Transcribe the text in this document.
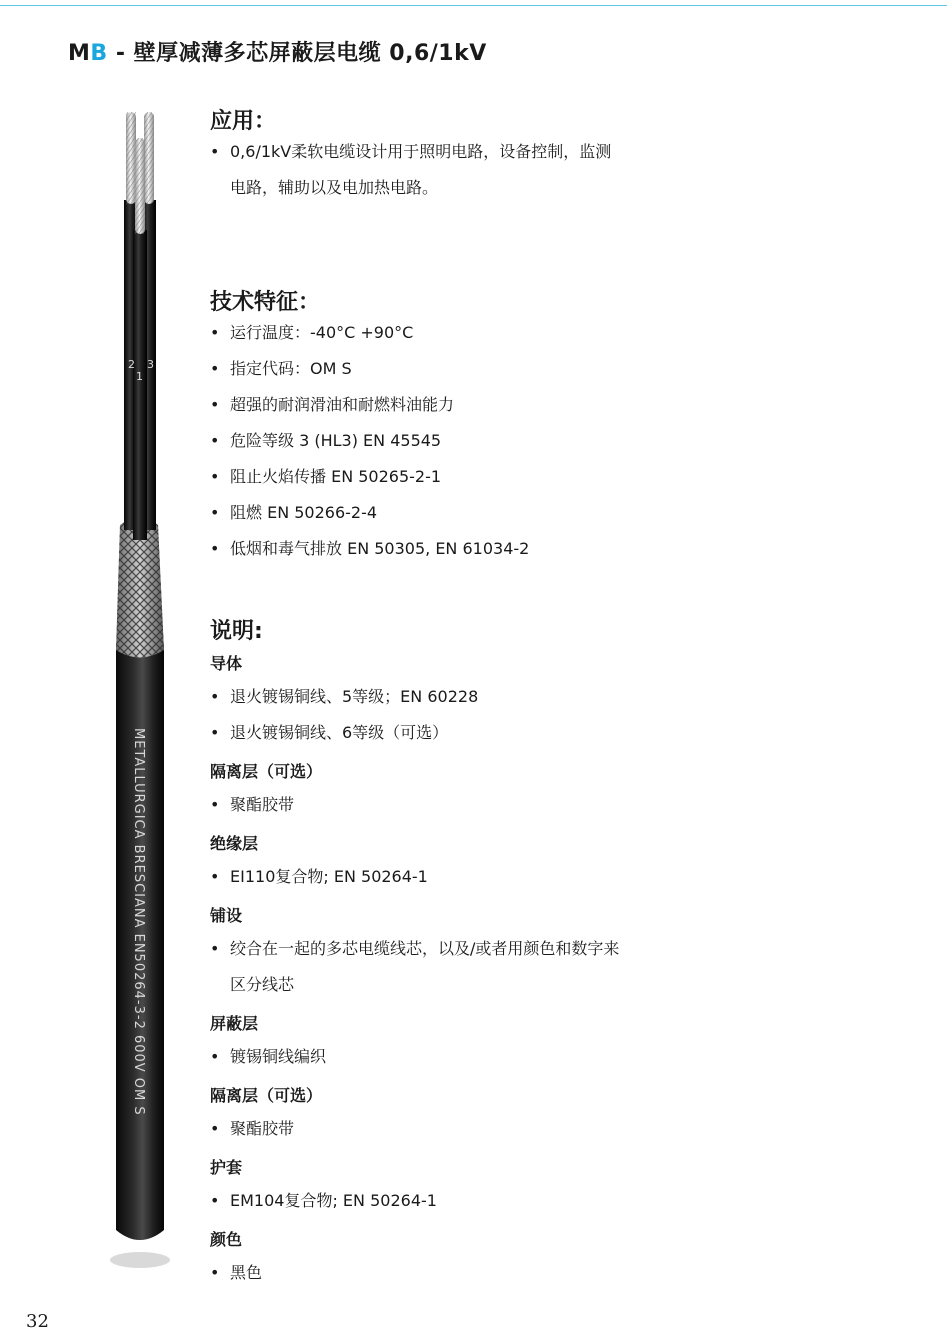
MB - 壁厚减薄多芯屏蔽层电缆 0,6/1kV
2
1
3
METALLURGICA BRESCIANA EN50264-3-2 600V OM S
应用：
• 0,6/1kV柔软电缆设计用于照明电路，设备控制，监测电路，辅助以及电加热电路。
技术特征：
• 运行温度：-40°C +90°C
• 指定代码：OM S
• 超强的耐润滑油和耐燃料油能力
• 危险等级 3 (HL3) EN 45545
• 阻止火焰传播 EN 50265-2-1
• 阻燃 EN 50266-2-4
• 低烟和毒气排放 EN 50305, EN 61034-2
说明:
导体
• 退火镀锡铜线、5等级；EN 60228
• 退火镀锡铜线、6等级（可选）
隔离层（可选）
• 聚酯胶带
绝缘层
• EI110复合物; EN 50264-1
铺设
• 绞合在一起的多芯电缆线芯，以及/或者用颜色和数字来区分线芯
屏蔽层
• 镀锡铜线编织
隔离层（可选）
• 聚酯胶带
护套
• EM104复合物; EN 50264-1
颜色
• 黑色
32
